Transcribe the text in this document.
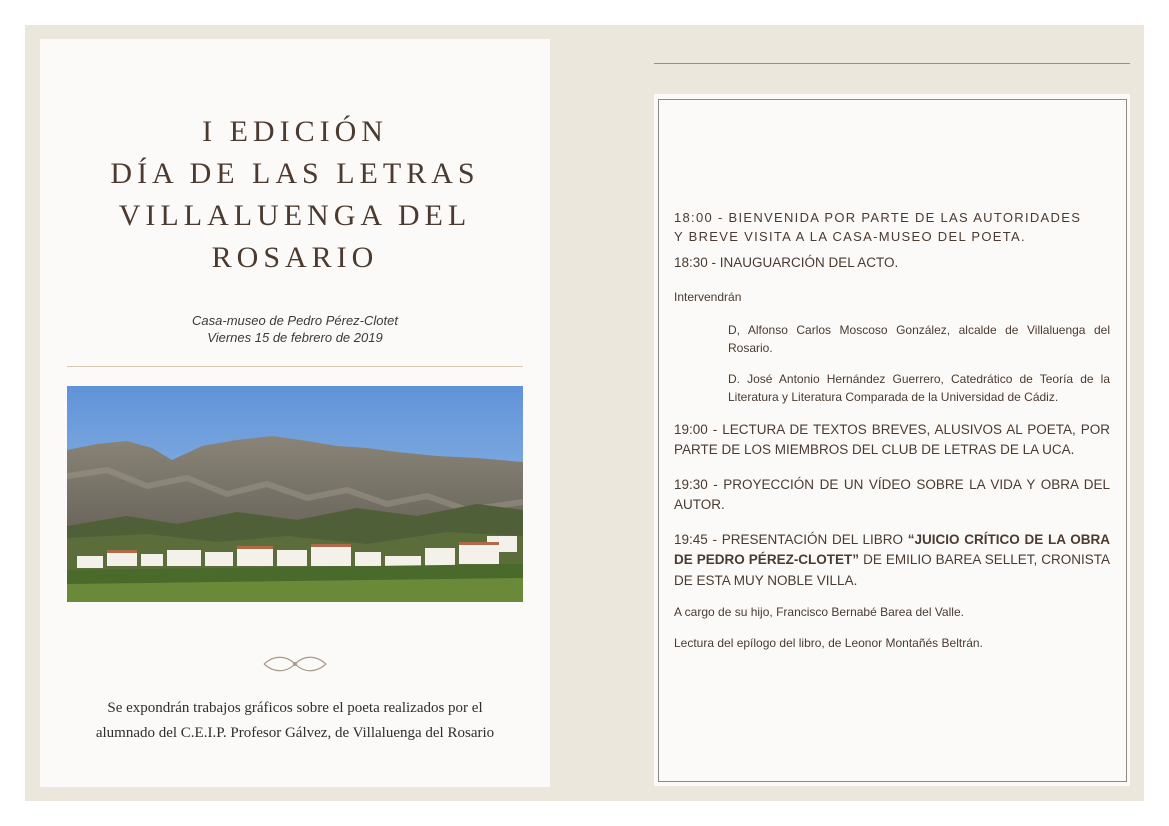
I EDICIÓN
DÍA DE LAS LETRAS
VILLALUENGA DEL
ROSARIO
Casa-museo de Pedro Pérez-Clotet
Viernes 15 de febrero de 2019
Se expondrán trabajos gráficos sobre el poeta realizados por el
alumnado del C.E.I.P. Profesor Gálvez, de Villaluenga del Rosario

18:00 - BIENVENIDA POR PARTE DE LAS AUTORIDADES

Y BREVE VISITA A LA CASA-MUSEO DEL POETA.

18:30 - INAUGUARCIÓN DEL ACTO.

Intervendrán

D, Alfonso Carlos Moscoso González, alcalde de Villaluenga del Rosario.

D. José Antonio Hernández Guerrero, Catedrático de Teoría de la Literatura y Literatura Comparada de la Universidad de Cádiz.

19:00 - LECTURA DE TEXTOS BREVES, ALUSIVOS AL POETA, POR PARTE DE LOS MIEMBROS DEL CLUB DE LETRAS DE LA UCA.

19:30 - PROYECCIÓN DE UN VÍDEO SOBRE LA VIDA Y OBRA DEL AUTOR.

19:45 - PRESENTACIÓN DEL LIBRO “JUICIO CRÍTICO DE LA OBRA DE PEDRO PÉREZ-CLOTET” DE EMILIO BAREA SELLET, CRONISTA DE ESTA MUY NOBLE VILLA.

A cargo de su hijo, Francisco Bernabé Barea del Valle.

Lectura del epílogo del libro, de Leonor Montañés Beltrán.
